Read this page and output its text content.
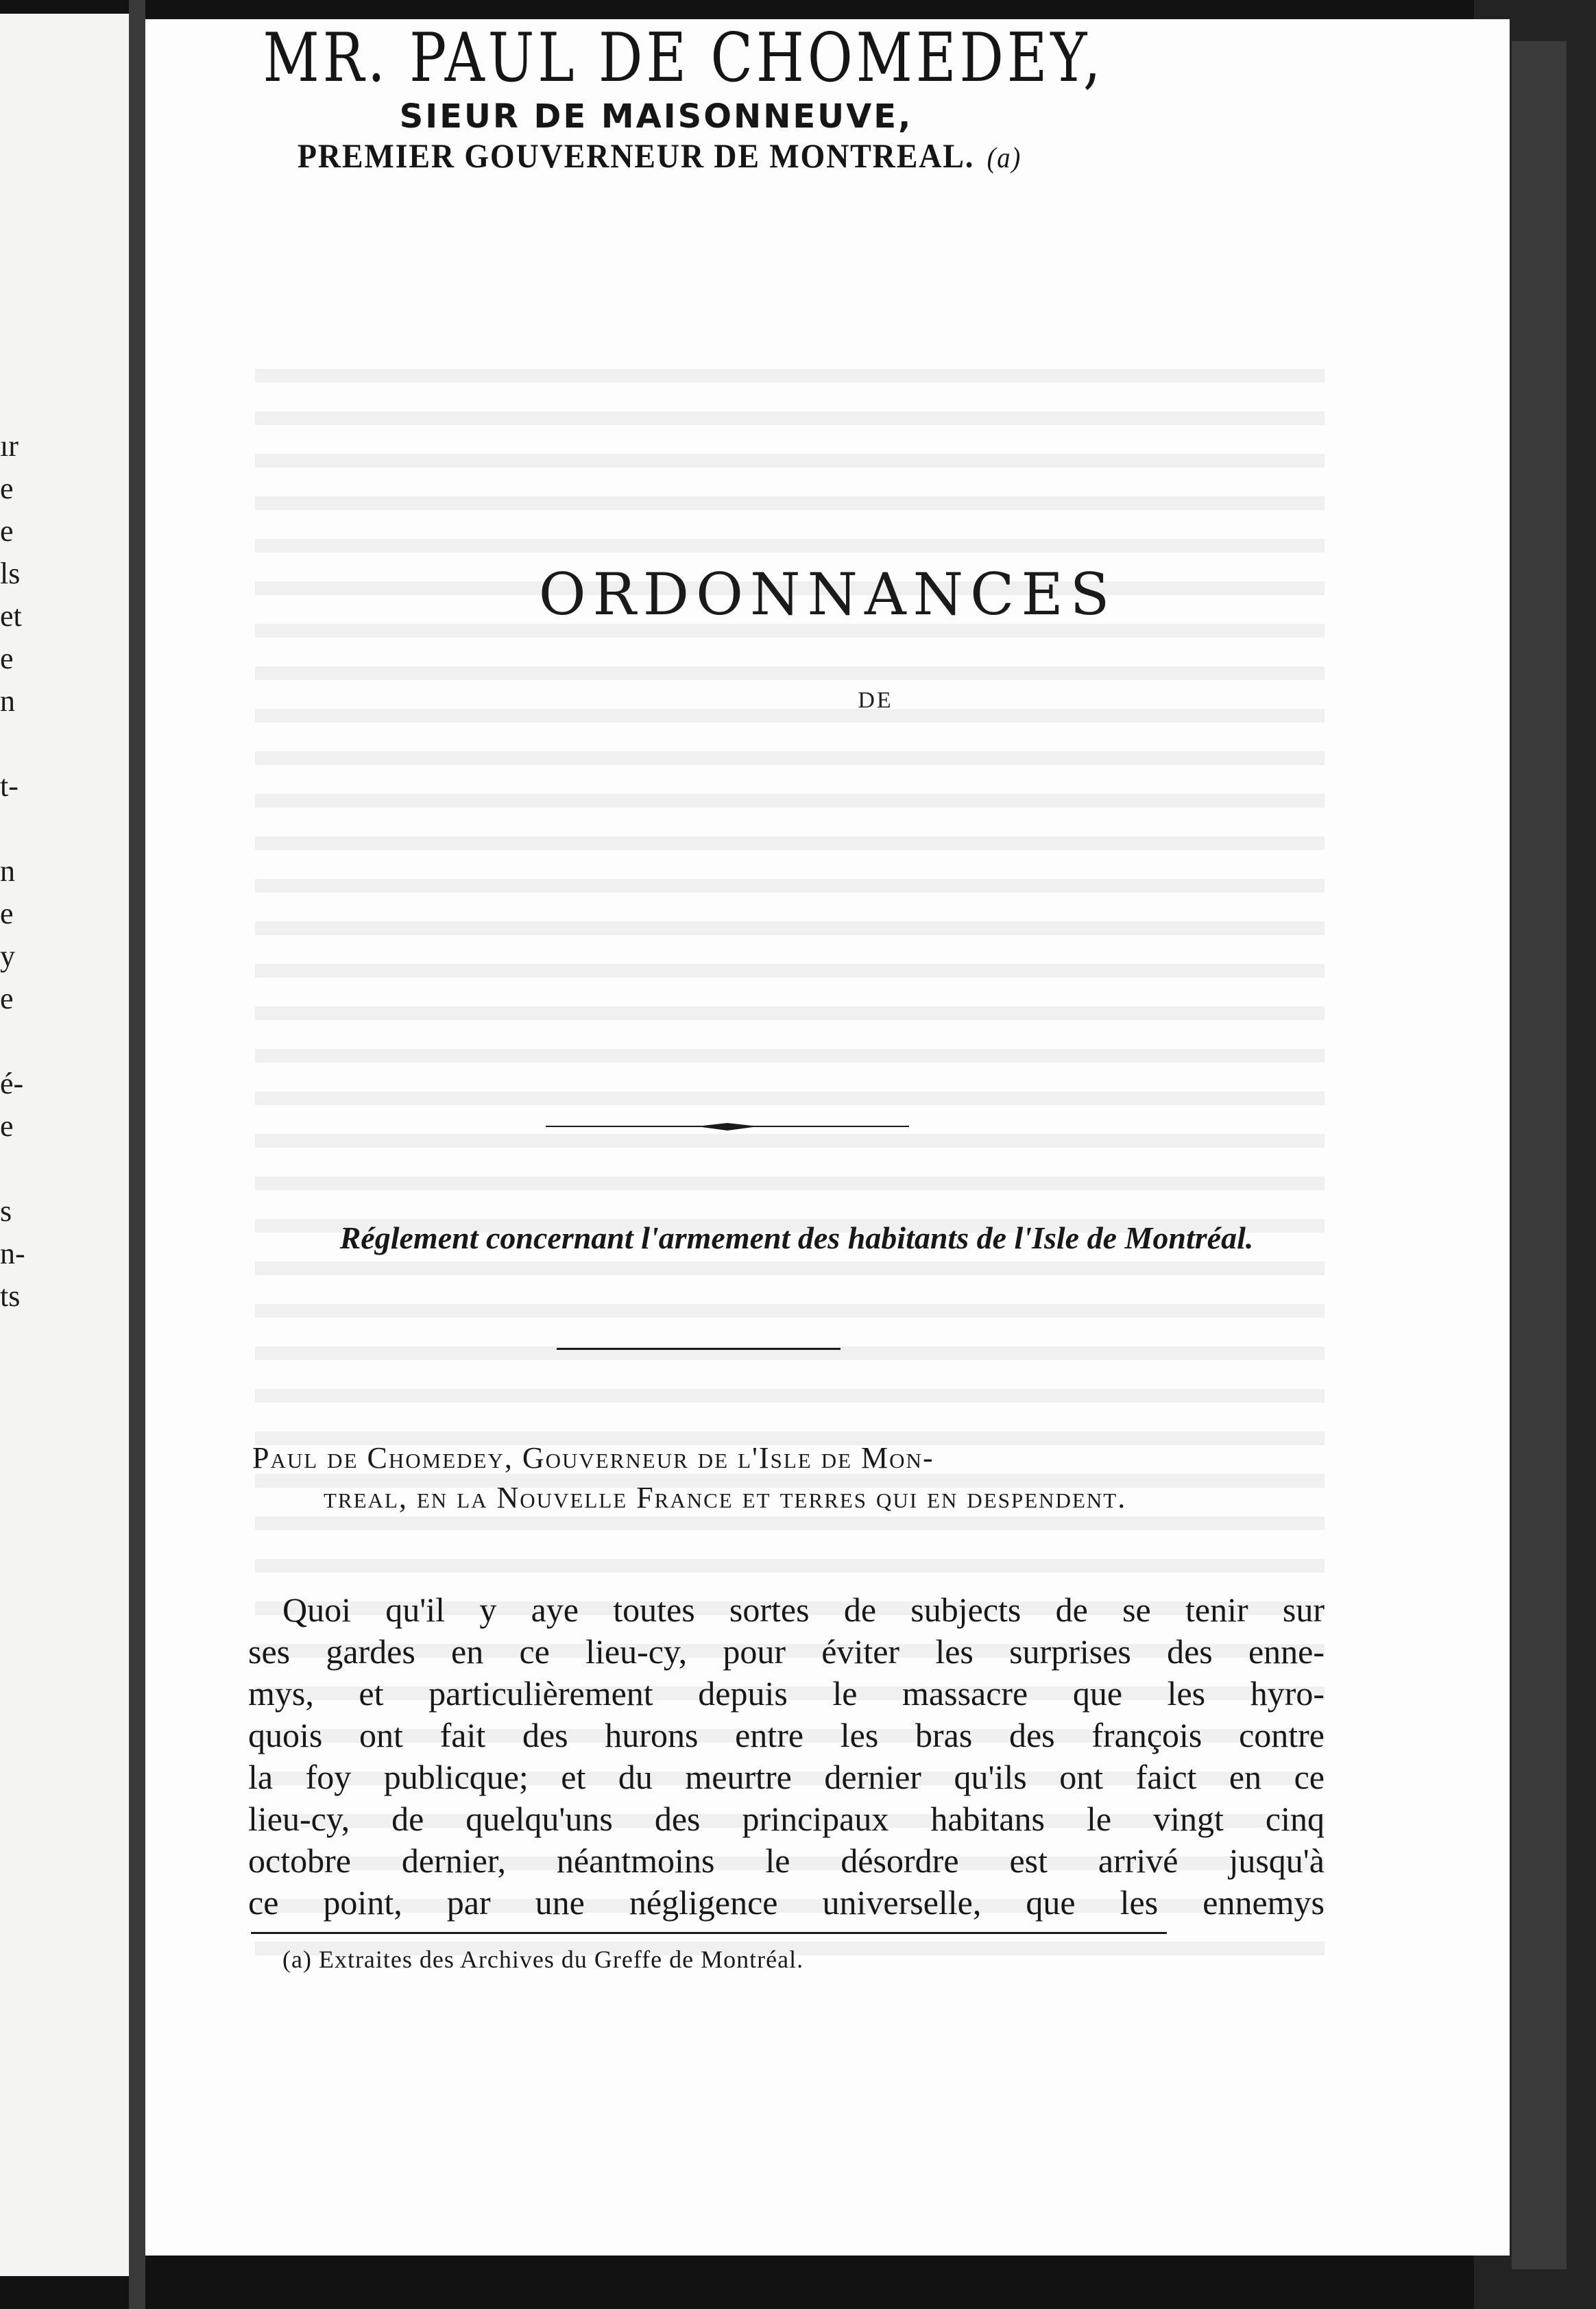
ır
e
e
ls
et
e
n
t-
n
e
y
e
é-
e
s
n-
ts
ORDONNANCES
DE
MR. PAUL DE CHOMEDEY,
SIEUR DE MAISONNEUVE,
PREMIER GOUVERNEUR DE MONTREAL. (a)
Réglement concernant l'armement des habitants de l'Isle de Montréal.
Paul de Chomedey, Gouverneur de l'Isle de Mon-
treal, en la Nouvelle France et terres qui en despendent.
Quoi qu'il y aye toutes sortes de subjects de se tenir sur
ses gardes en ce lieu-cy, pour éviter les surprises des enne-
mys, et particulièrement depuis le massacre que les hyro-
quois ont fait des hurons entre les bras des françois contre
la foy publicque; et du meurtre dernier qu'ils ont faict en ce
lieu-cy, de quelqu'uns des principaux habitans le vingt cinq
octobre dernier, néantmoins le désordre est arrivé jusqu'à
ce point, par une négligence universelle, que les ennemys
(a) Extraites des Archives du Greffe de Montréal.
